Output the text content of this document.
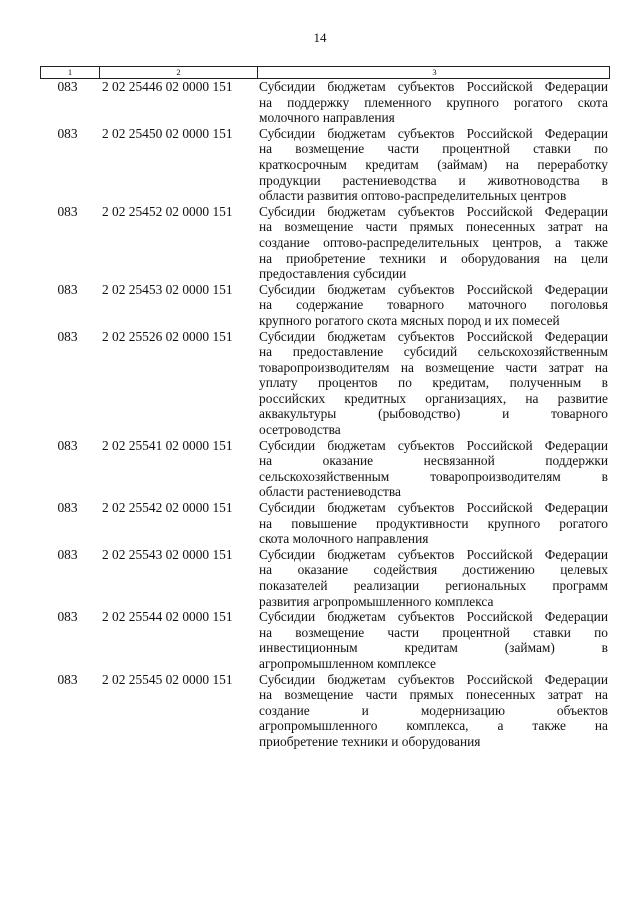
14
1	2	3
083	2 02 25446 02 0000 151	Субсидии бюджетам субъектов Российской Федерации
на поддержку племенного крупного рогатого скота
молочного направления
083	2 02 25450 02 0000 151	Субсидии бюджетам субъектов Российской Федерации
на возмещение части процентной ставки по
краткосрочным кредитам (займам) на переработку
продукции растениеводства и животноводства в
области развития оптово-распределительных центров
083	2 02 25452 02 0000 151	Субсидии бюджетам субъектов Российской Федерации
на возмещение части прямых понесенных затрат на
создание оптово-распределительных центров, а также
на приобретение техники и оборудования на цели
предоставления субсидии
083	2 02 25453 02 0000 151	Субсидии бюджетам субъектов Российской Федерации
на содержание товарного маточного поголовья
крупного рогатого скота мясных пород и их помесей
083	2 02 25526 02 0000 151	Субсидии бюджетам субъектов Российской Федерации
на предоставление субсидий сельскохозяйственным
товаропроизводителям на возмещение части затрат на
уплату процентов по кредитам, полученным в
российских кредитных организациях, на развитие
аквакультуры (рыбоводство) и товарного
осетроводства
083	2 02 25541 02 0000 151	Субсидии бюджетам субъектов Российской Федерации
на оказание несвязанной поддержки
сельскохозяйственным товаропроизводителям в
области растениеводства
083	2 02 25542 02 0000 151	Субсидии бюджетам субъектов Российской Федерации
на повышение продуктивности крупного рогатого
скота молочного направления
083	2 02 25543 02 0000 151	Субсидии бюджетам субъектов Российской Федерации
на оказание содействия достижению целевых
показателей реализации региональных программ
развития агропромышленного комплекса
083	2 02 25544 02 0000 151	Субсидии бюджетам субъектов Российской Федерации
на возмещение части процентной ставки по
инвестиционным кредитам (займам) в
агропромышленном комплексе
083	2 02 25545 02 0000 151	Субсидии бюджетам субъектов Российской Федерации
на возмещение части прямых понесенных затрат на
создание и модернизацию объектов
агропромышленного комплекса, а также на
приобретение техники и оборудования
